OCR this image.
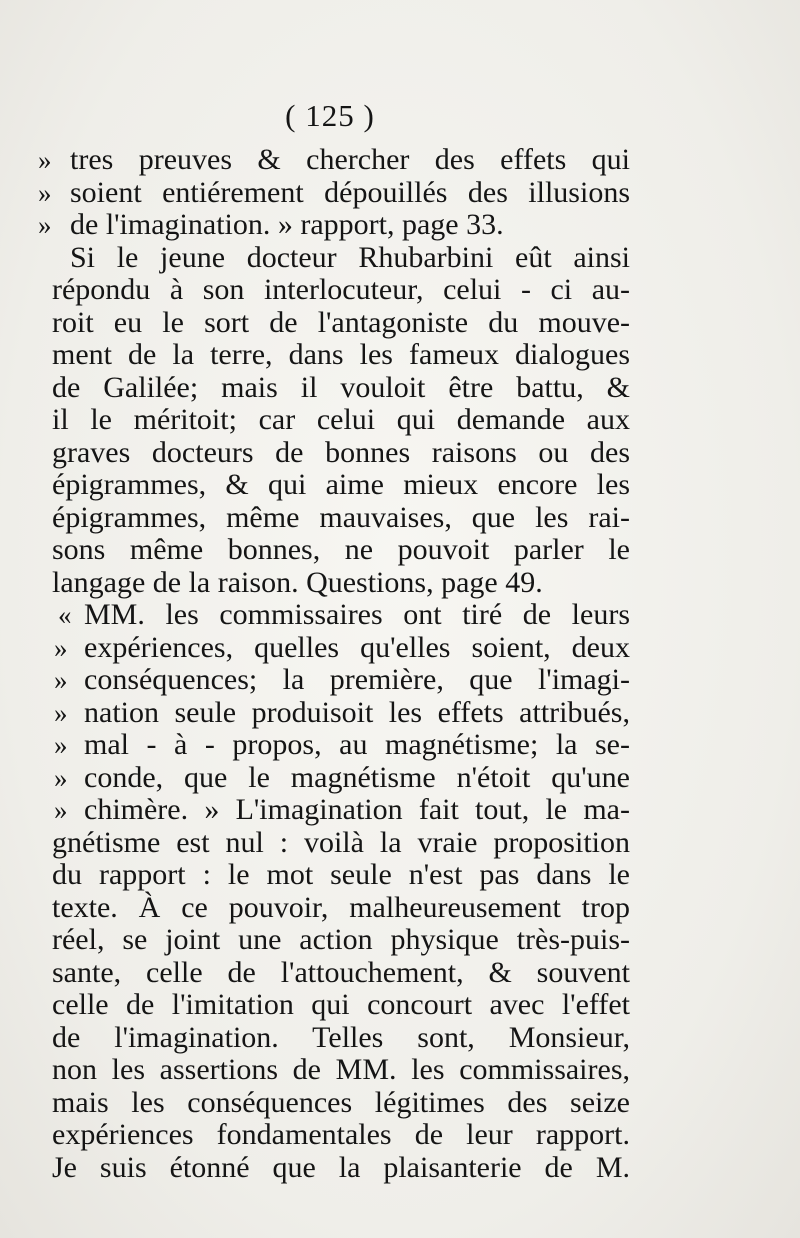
( 125 )
» tres preuves & chercher des effets qui
» soient entiérement dépouillés des illusions
» de l'imagination. » rapport, page 33.
Si le jeune docteur Rhubarbini eût ainsi
répondu à son interlocuteur, celui - ci au-
roit eu le sort de l'antagoniste du mouve-
ment de la terre, dans les fameux dialogues
de Galilée; mais il vouloit être battu, &
il le méritoit; car celui qui demande aux
graves docteurs de bonnes raisons ou des
épigrammes, & qui aime mieux encore les
épigrammes, même mauvaises, que les rai-
sons même bonnes, ne pouvoit parler le
langage de la raison. Questions, page 49.
« MM. les commissaires ont tiré de leurs
» expériences, quelles qu'elles soient, deux
» conséquences; la première, que l'imagi-
» nation seule produisoit les effets attribués,
» mal - à - propos, au magnétisme; la se-
» conde, que le magnétisme n'étoit qu'une
» chimère. » L'imagination fait tout, le ma-
gnétisme est nul : voilà la vraie proposition
du rapport : le mot seule n'est pas dans le
texte. À ce pouvoir, malheureusement trop
réel, se joint une action physique très-puis-
sante, celle de l'attouchement, & souvent
celle de l'imitation qui concourt avec l'effet
de l'imagination. Telles sont, Monsieur,
non les assertions de MM. les commissaires,
mais les conséquences légitimes des seize
expériences fondamentales de leur rapport.
Je suis étonné que la plaisanterie de M.
